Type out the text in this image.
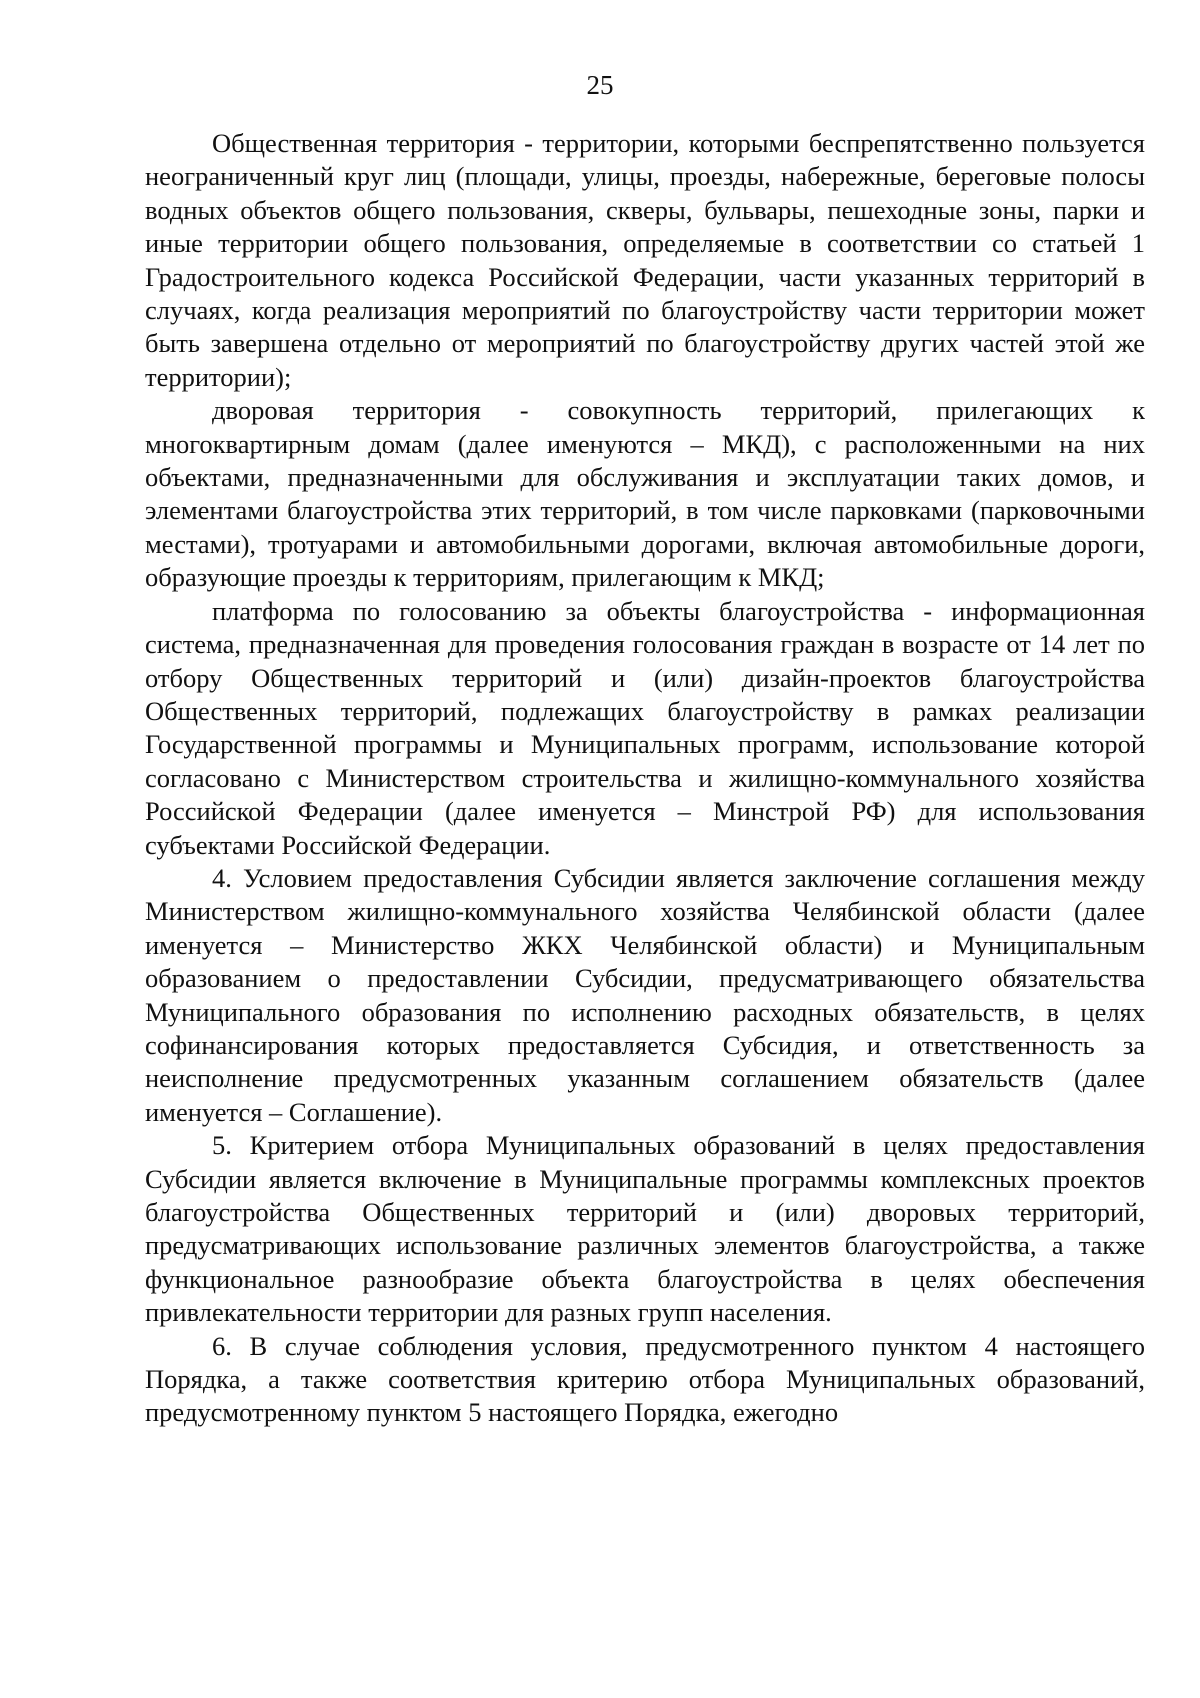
25

Общественная территория - территории, которыми беспрепятственно пользуется неограниченный круг лиц (площади, улицы, проезды, набережные, береговые полосы водных объектов общего пользования, скверы, бульвары, пешеходные зоны, парки и иные территории общего пользования, определяемые в соответствии со статьей 1 Градостроительного кодекса Российской Федерации, части указанных территорий в случаях, когда реализация мероприятий по благоустройству части территории может быть завершена отдельно от мероприятий по благоустройству других частей этой же территории);

дворовая территория - совокупность территорий, прилегающих к многоквартирным домам (далее именуются – МКД), с расположенными на них объектами, предназначенными для обслуживания и эксплуатации таких домов, и элементами благоустройства этих территорий, в том числе парковками (парковочными местами), тротуарами и автомобильными дорогами, включая автомобильные дороги, образующие проезды к территориям, прилегающим к МКД;

платформа по голосованию за объекты благоустройства - информационная система, предназначенная для проведения голосования граждан в возрасте от 14 лет по отбору Общественных территорий и (или) дизайн-проектов благоустройства Общественных территорий, подлежащих благоустройству в рамках реализации Государственной программы и Муниципальных программ, использование которой согласовано с Министерством строительства и жилищно-коммунального хозяйства Российской Федерации (далее именуется – Минстрой РФ) для использования субъектами Российской Федерации.

4. Условием предоставления Субсидии является заключение соглашения между Министерством жилищно-коммунального хозяйства Челябинской области (далее именуется – Министерство ЖКХ Челябинской области) и Муниципальным образованием о предоставлении Субсидии, предусматривающего обязательства Муниципального образования по исполнению расходных обязательств, в целях софинансирования которых предоставляется Субсидия, и ответственность за неисполнение предусмотренных указанным соглашением обязательств (далее именуется – Соглашение).

5. Критерием отбора Муниципальных образований в целях предоставления Субсидии является включение в Муниципальные программы комплексных проектов благоустройства Общественных территорий и (или) дворовых территорий, предусматривающих использование различных элементов благоустройства, а также функциональное разнообразие объекта благоустройства в целях обеспечения привлекательности территории для разных групп населения.

6. В случае соблюдения условия, предусмотренного пунктом 4 настоящего Порядка, а также соответствия критерию отбора Муниципальных образований, предусмотренному пунктом 5 настоящего Порядка, ежегодно
